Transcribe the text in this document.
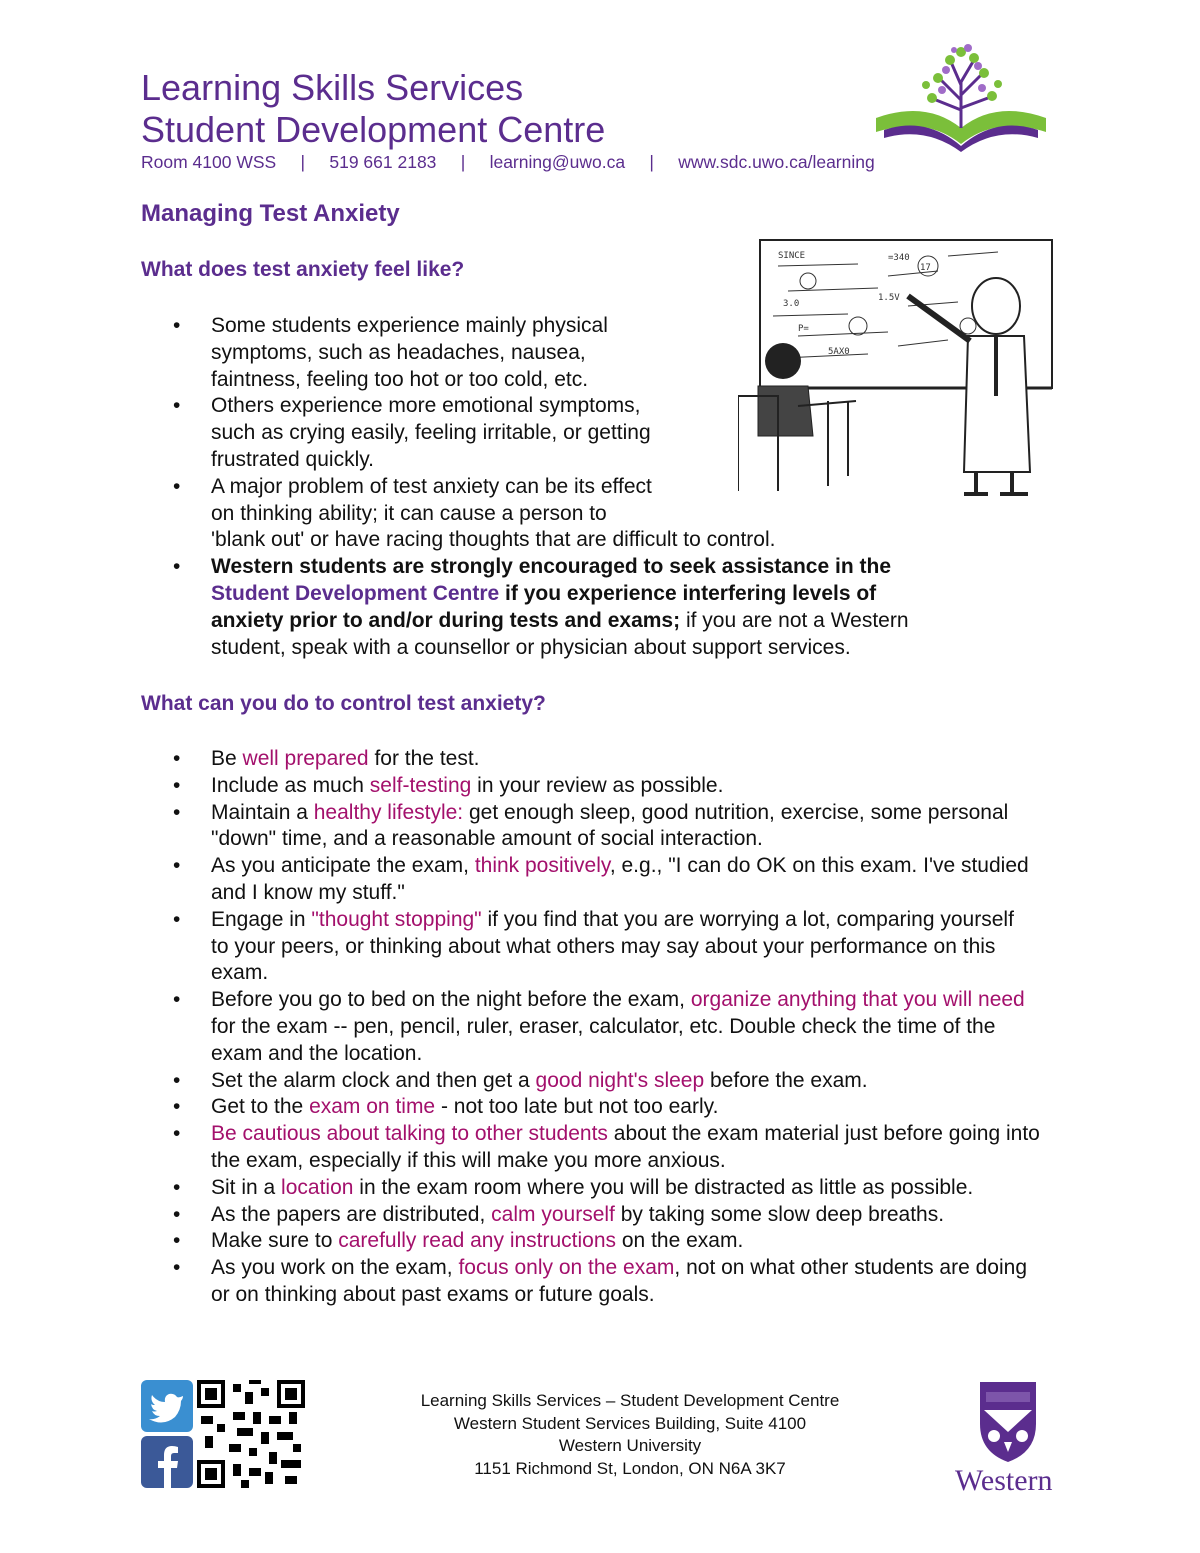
Learning Skills Services
Student Development Centre
Room 4100 WSS     |     519 661 2183     |     learning@uwo.ca     |     www.sdc.uwo.ca/learning
Managing Test Anxiety
What does test anxiety feel like?
SINCE	=340
17
3.0
1.5V
P=
5AX0
• Some students experience mainly physical
symptoms, such as headaches, nausea,
faintness, feeling too hot or too cold, etc.
• Others experience more emotional symptoms,
such as crying easily, feeling irritable, or getting
frustrated quickly.
• A major problem of test anxiety can be its effect
on thinking ability; it can cause a person to
'blank out' or have racing thoughts that are difficult to control.
• Western students are strongly encouraged to seek assistance in the Student Development Centre if you experience interfering levels of anxiety prior to and/or during tests and exams; if you are not a Western student, speak with a counsellor or physician about support services.
What can you do to control test anxiety?
• Be well prepared for the test.
• Include as much self-testing in your review as possible.
• Maintain a healthy lifestyle: get enough sleep, good nutrition, exercise, some personal "down" time, and a reasonable amount of social interaction.
• As you anticipate the exam, think positively, e.g., "I can do OK on this exam. I've studied and I know my stuff."
• Engage in "thought stopping" if you find that you are worrying a lot, comparing yourself to your peers, or thinking about what others may say about your performance on this exam.
• Before you go to bed on the night before the exam, organize anything that you will need for the exam -- pen, pencil, ruler, eraser, calculator, etc. Double check the time of the exam and the location.
• Set the alarm clock and then get a good night's sleep before the exam.
• Get to the exam on time - not too late but not too early.
• Be cautious about talking to other students about the exam material just before going into the exam, especially if this will make you more anxious.
• Sit in a location in the exam room where you will be distracted as little as possible.
• As the papers are distributed, calm yourself by taking some slow deep breaths.
• Make sure to carefully read any instructions on the exam.
• As you work on the exam, focus only on the exam, not on what other students are doing or on thinking about past exams or future goals.
Learning Skills Services – Student Development Centre
Western Student Services Building, Suite 4100
Western University
1151 Richmond St, London, ON N6A 3K7	Western
